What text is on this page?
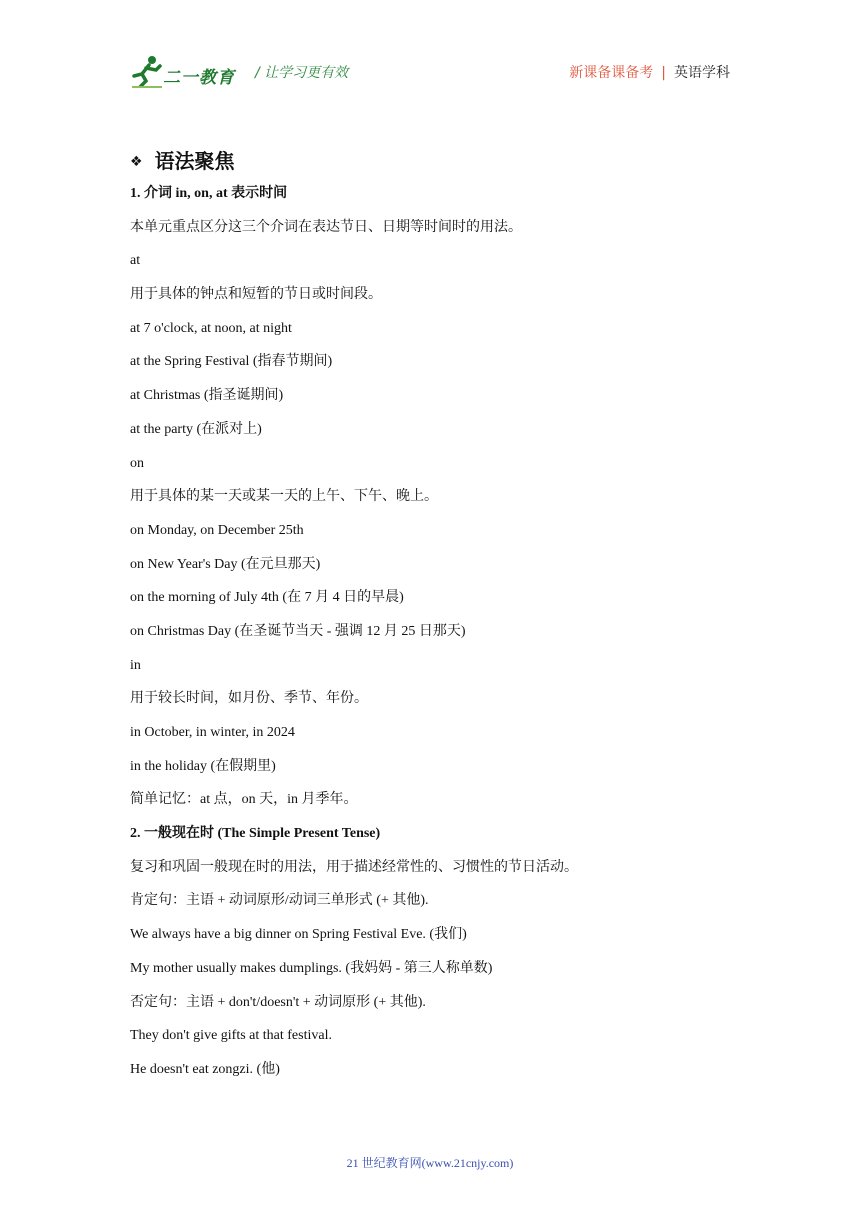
二一教育 / 让学习更有效	新课备课备考 | 英语学科
❖ 语法聚焦
1. 介词 in, on, at 表示时间
本单元重点区分这三个介词在表达节日、日期等时间时的用法。
at
用于具体的钟点和短暂的节日或时间段。
at 7 o'clock, at noon, at night
at the Spring Festival (指春节期间)
at Christmas (指圣诞期间)
at the party (在派对上)
on
用于具体的某一天或某一天的上午、下午、晚上。
on Monday, on December 25th
on New Year's Day (在元旦那天)
on the morning of July 4th (在 7 月 4 日的早晨)
on Christmas Day (在圣诞节当天 - 强调 12 月 25 日那天)
in
用于较长时间，如月份、季节、年份。
in October, in winter, in 2024
in the holiday (在假期里)
简单记忆：at 点，on 天，in 月季年。
2. 一般现在时 (The Simple Present Tense)
复习和巩固一般现在时的用法，用于描述经常性的、习惯性的节日活动。
肯定句：主语 + 动词原形/动词三单形式 (+ 其他).
We always have a big dinner on Spring Festival Eve. (我们)
My mother usually makes dumplings. (我妈妈 - 第三人称单数)
否定句：主语 + don't/doesn't + 动词原形 (+ 其他).
They don't give gifts at that festival.
He doesn't eat zongzi. (他)
21 世纪教育网(www.21cnjy.com)
